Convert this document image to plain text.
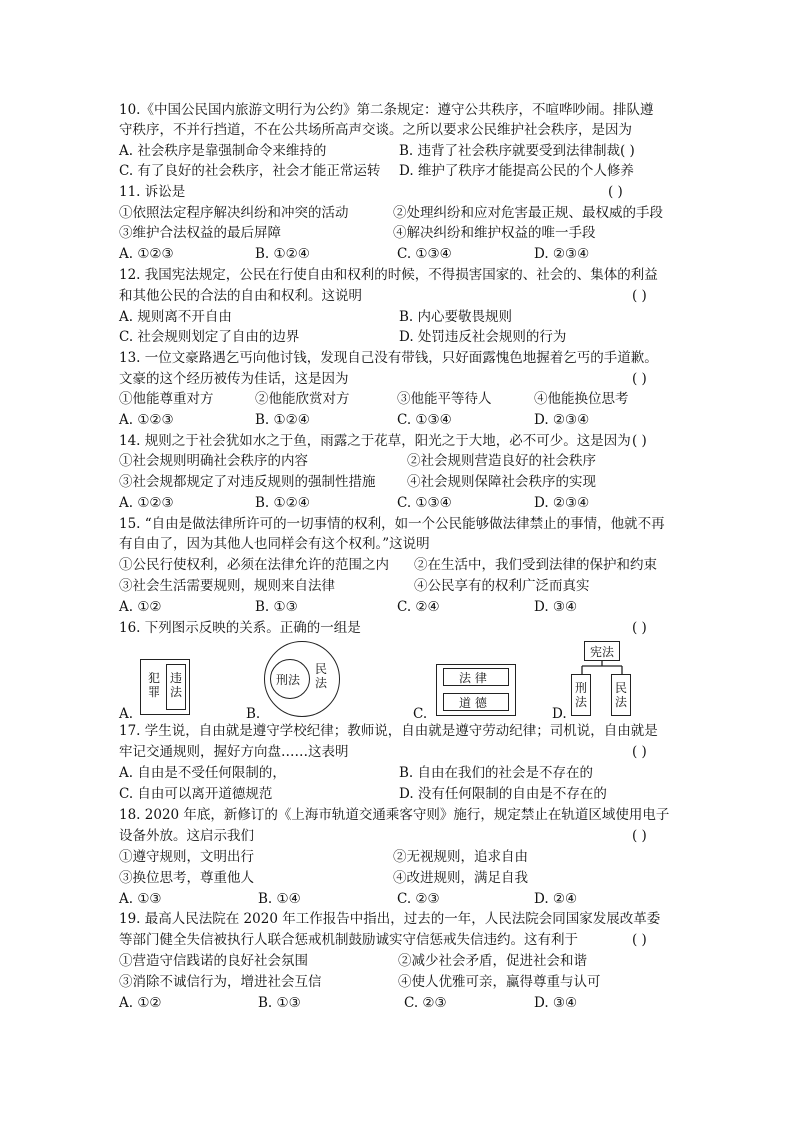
10.《中国公民国内旅游文明行为公约》第二条规定：遵守公共秩序，不喧哗吵闹。排队遵
守秩序，不并行挡道，不在公共场所高声交谈。之所以要求公民维护社会秩序，是因为
A. 社会秩序是靠强制命令来维持的	B. 违背了社会秩序就要受到法律制裁( )
C. 有了良好的社会秩序，社会才能正常运转 D. 维护了秩序才能提高公民的个人修养
11. 诉讼是	( )
①依照法定程序解决纠纷和冲突的活动	②处理纠纷和应对危害最正规、最权威的手段
③维护合法权益的最后屏障	④解决纠纷和维护权益的唯一手段
A. ①②③	B. ①②④	C. ①③④	D. ②③④
12. 我国宪法规定，公民在行使自由和权利的时候，不得损害国家的、社会的、集体的利益
和其他公民的合法的自由和权利。这说明	( )
A. 规则离不开自由	B. 内心要敬畏规则
C. 社会规则划定了自由的边界	D. 处罚违反社会规则的行为
13. 一位文豪路遇乞丐向他讨钱，发现自己没有带钱，只好面露愧色地握着乞丐的手道歉。
文豪的这个经历被传为佳话，这是因为	( )
①他能尊重对方	②他能欣赏对方	③他能平等待人	④他能换位思考
A. ①②③	B. ①②④	C. ①③④	D. ②③④
14. 规则之于社会犹如水之于鱼，雨露之于花草，阳光之于大地，必不可少。这是因为 ( )
①社会规则明确社会秩序的内容	②社会规则营造良好的社会秩序
③社会规都规定了对违反规则的强制性措施 ④社会规则保障社会秩序的实现
A. ①②③	B. ①②④	C. ①③④	D. ②③④
15. “自由是做法律所许可的一切事情的权利，如一个公民能够做法律禁止的事情，他就不再
有自由了，因为其他人也同样会有这个权利。”这说明
①公民行使权利，必须在法律允许的范围之内 ②在生活中，我们受到法律的保护和约束
③社会生活需要规则，规则来自法律	④公民享有的权利广泛而真实
A. ①②	B. ①③	C. ②④	D. ③④
16. 下列图示反映的关系。正确的一组是	( )
犯罪
违法
A.
刑法
民法
B.
法 律
道 德
C.
宪法
刑法
民法
D.
17. 学生说，自由就是遵守学校纪律；教师说，自由就是遵守劳动纪律；司机说，自由就是
牢记交通规则，握好方向盘……这表明	( )
A. 自由是不受任何限制的，	B. 自由在我们的社会是不存在的
C. 自由可以离开道德规范	D. 没有任何限制的自由是不存在的
18. 2020 年底，新修订的《上海市轨道交通乘客守则》施行，规定禁止在轨道区域使用电子
设备外放。这启示我们	( )
①遵守规则，文明出行	②无视规则，追求自由
③换位思考，尊重他人	④改进规则，满足自我
A. ①③	B. ①④	C. ②③	D. ②④
19. 最高人民法院在 2020 年工作报告中指出，过去的一年，人民法院会同国家发展改革委
等部门健全失信被执行人联合惩戒机制鼓励诚实守信惩戒失信违约。这有利于	( )
①营造守信践诺的良好社会氛围	②减少社会矛盾，促进社会和谐
③消除不诚信行为，增进社会互信	④使人优雅可亲，赢得尊重与认可
A. ①②	B. ①③	C. ②③	D. ③④
